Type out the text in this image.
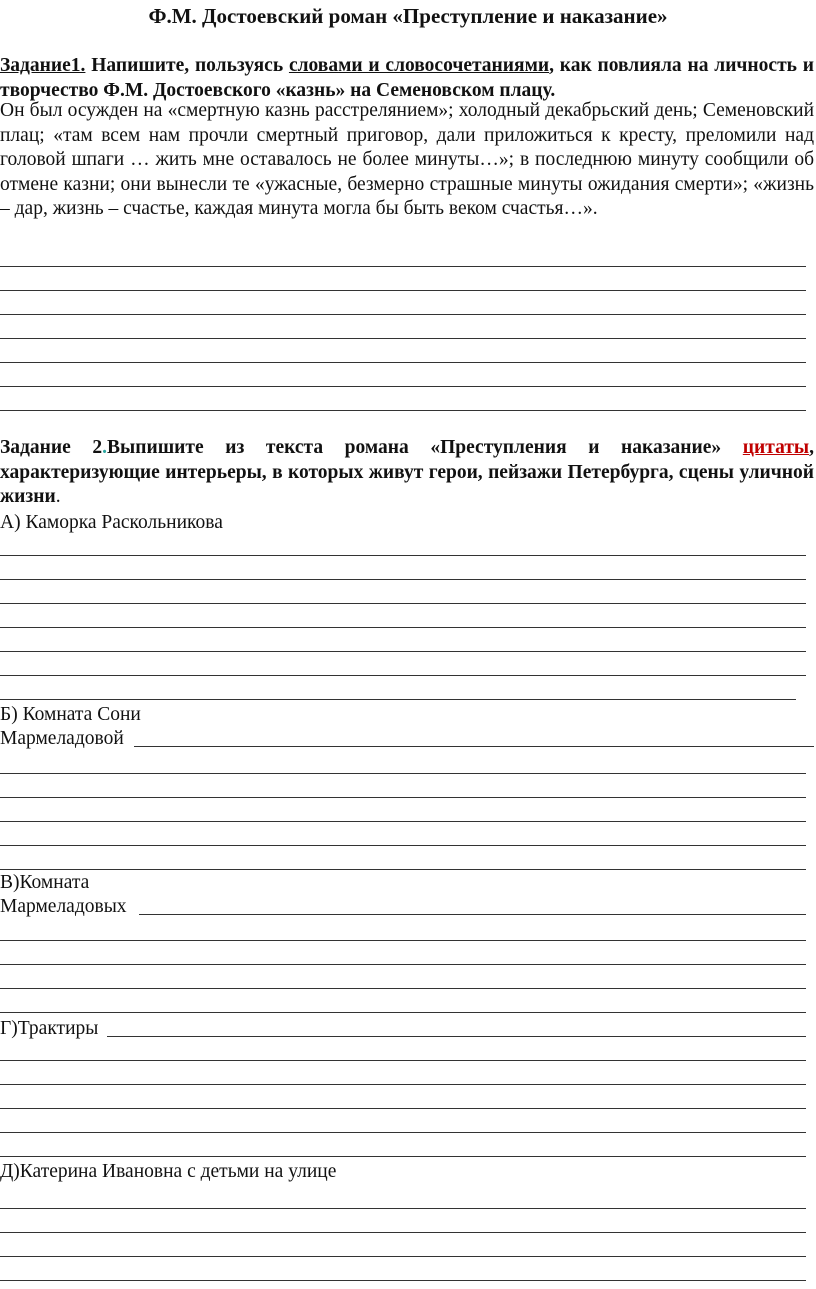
Ф.М. Достоевский роман «Преступление и наказание»
Задание1. Напишите, пользуясь словами и словосочетаниями, как повлияла на личность и творчество Ф.М. Достоевского «казнь» на Семеновском плацу.
Он был осужден на «смертную казнь расстрелянием»; холодный декабрьский день; Семеновский плац; «там всем нам прочли смертный приговор, дали приложиться к кресту, преломили над головой шпаги … жить мне оставалось не более минуты…»; в последнюю минуту сообщили об отмене казни; они вынесли те «ужасные, безмерно страшные минуты ожидания смерти»; «жизнь – дар, жизнь – счастье, каждая минута могла бы быть веком счастья…».
Задание 2.Выпишите из текста романа «Преступления и наказание» цитаты, характеризующие интерьеры, в которых живут герои, пейзажи Петербурга, сцены уличной жизни.
А) Каморка Раскольникова
Б) Комната Сони
Мармеладовой
В)Комната
Мармеладовых
Г)Трактиры
Д)Катерина Ивановна с детьми на улице
